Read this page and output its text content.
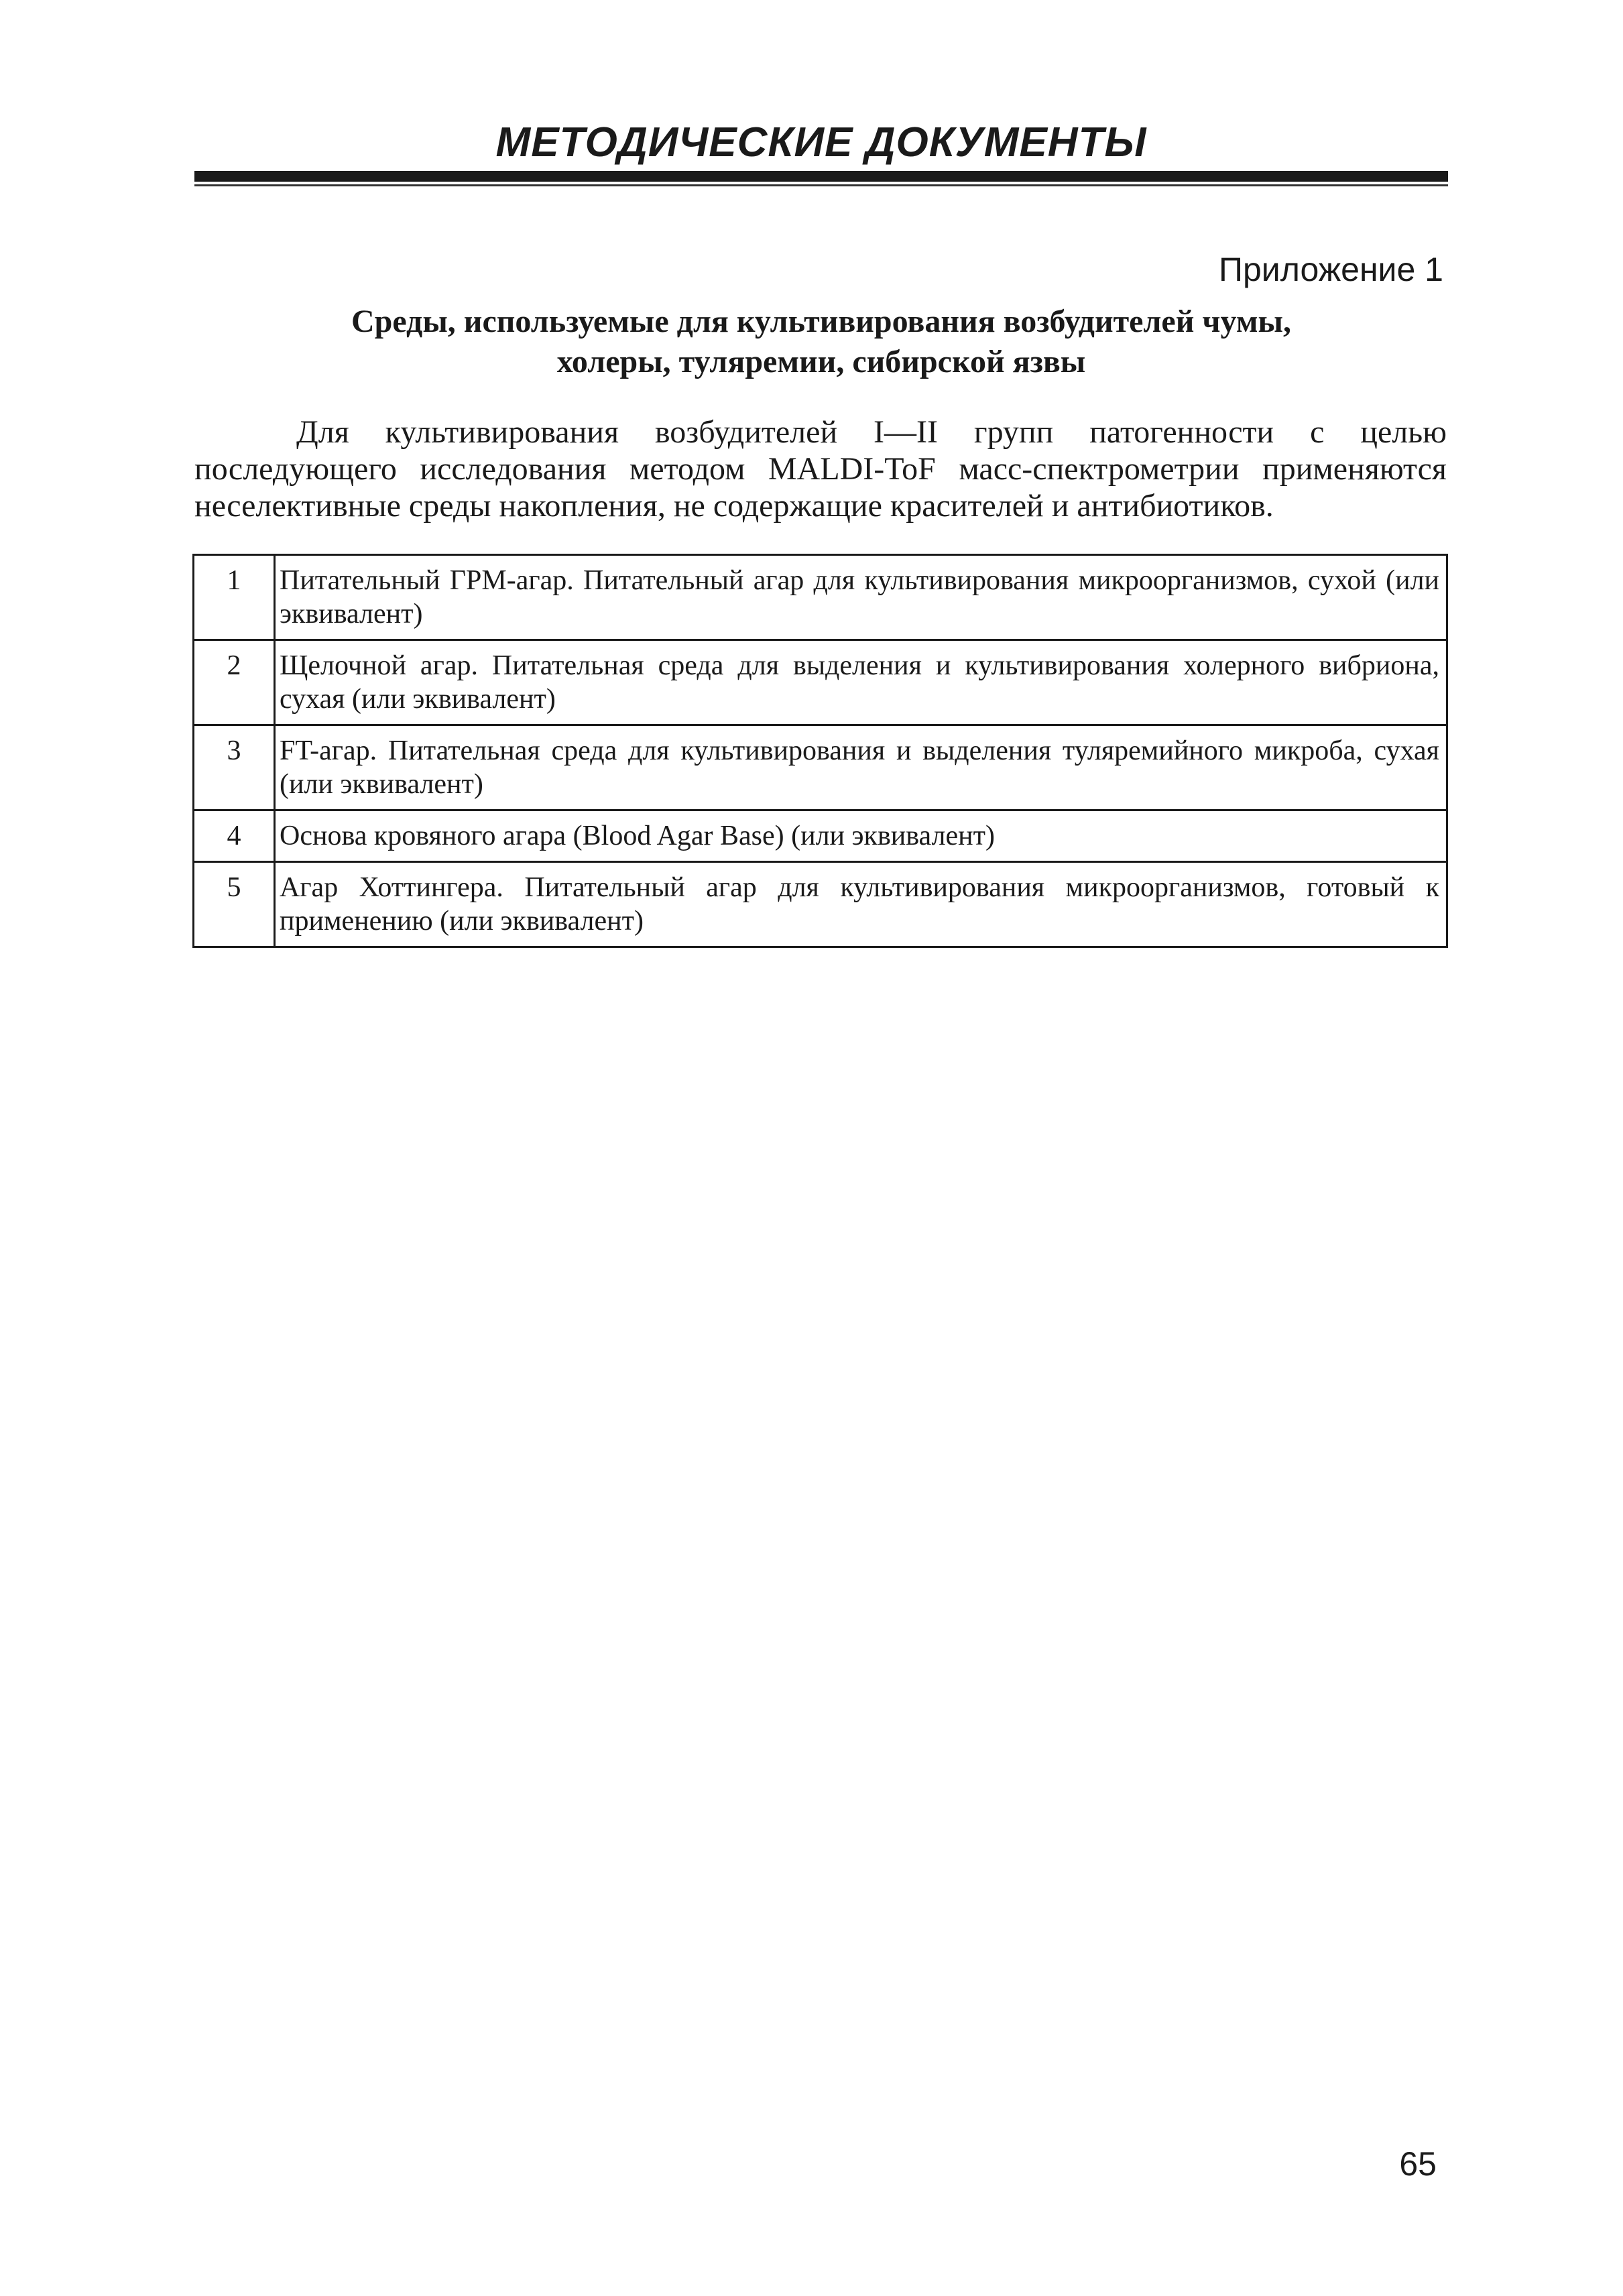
МЕТОДИЧЕСКИЕ ДОКУМЕНТЫ
Приложение 1
Среды, используемые для культивирования возбудителей чумы,
холеры, туляремии, сибирской язвы

Для культивирования возбудителей I—II групп патогенности с целью последующего исследования методом MALDI-ToF масс-спектрометрии применяются неселективные среды накопления, не содержащие красителей и антибиотиков.

1	Питательный ГРМ-агар. Питательный агар для культивирования микроорганизмов, сухой (или эквивалент)
2	Щелочной агар. Питательная среда для выделения и культивирования холерного вибриона, сухая (или эквивалент)
3	FT-агар. Питательная среда для культивирования и выделения туляремийного микроба, сухая (или эквивалент)
4	Основа кровяного агара (Blood Agar Base) (или эквивалент)
5	Агар Хоттингера. Питательный агар для культивирования микроорганизмов, готовый к применению (или эквивалент)
65
